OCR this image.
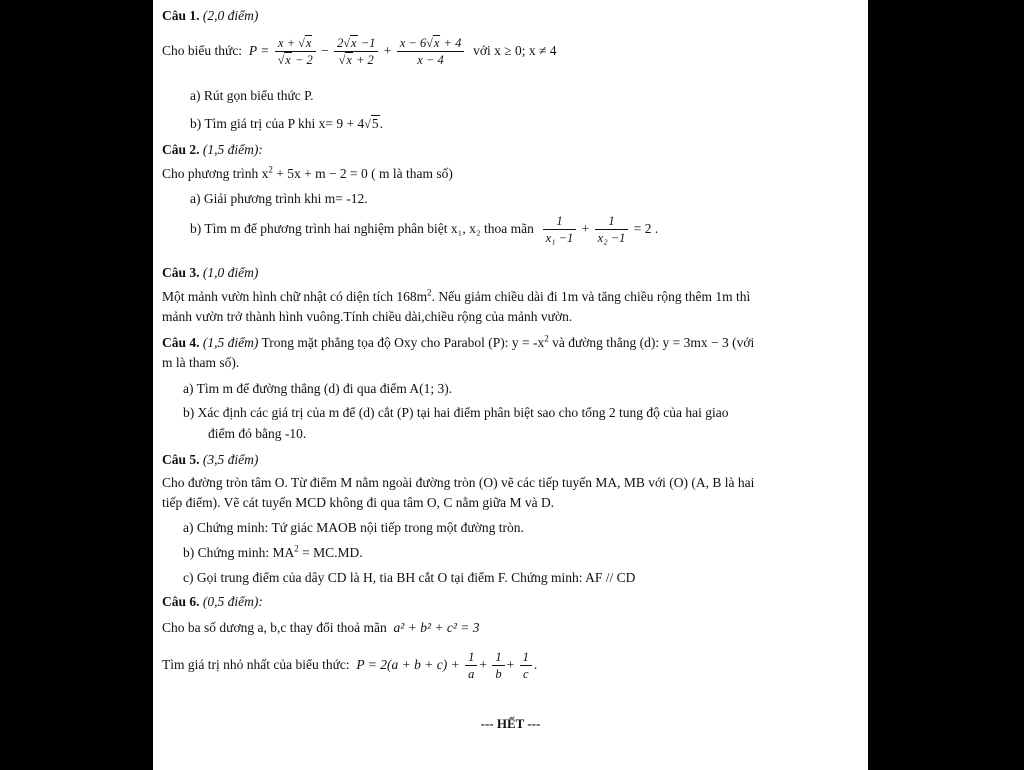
Câu 1. (2,0 điểm)
Cho biểu thức: $P = \frac{x + √x}{√x - 2} - \frac{2√x -1}{√x + 2} + \frac{x - 6√x + 4}{x - 4}$ với x ≥ 0; x ≠ 4
a) Rút gọn biểu thức P.
b) Tìm giá trị của P khi x= 9 + 4√5.
Câu 2. (1,5 điểm):
Cho phương trình $x^2 + 5x + m - 2 = 0$ ( m là tham số)
a) Giải phương trình khi m= -12.
b) Tìm m để phương trình hai nghiệm phân biệt x₁, x₂ thoa mãn $\frac{1}{\text{x₁ −1}} + \frac{1}{\text{x₂ −1}} = 2$ .
Câu 3. (1,0 điểm)
Một mảnh vườn hình chữ nhật có diện tích $168m^2$. Nếu giảm chiều dài đi 1m và tăng chiều rộng thêm 1m thì
mảnh vườn trở thành hình vuông.Tính chiều dài,chiều rộng của mảnh vườn.
Câu 4. (1,5 điểm) Trong mặt phẳng tọa độ Oxy cho Parabol (P): $y = -x^2$ và đường thẳng (d): y = 3mx − 3 (với
m là tham số).
a) Tìm m để đường thẳng (d) đi qua điểm A(1; 3).
b) Xác định các giá trị của m để (d) cắt (P) tại hai điểm phân biệt sao cho tổng 2 tung độ của hai giao
điểm đó bằng -10.
Câu 5. (3,5 điểm)
Cho đường tròn tâm O. Từ điểm M nằm ngoài đường tròn (O) vẽ các tiếp tuyến MA, MB với (O) (A, B là hai
tiếp điểm). Vẽ cát tuyến MCD không đi qua tâm O, C nằm giữa M và D.
a) Chứng minh: Tứ giác MAOB nội tiếp trong một đường tròn.
b) Chứng minh: $MA^2 = MC.MD$.
c) Gọi trung điểm của dây CD là H, tia BH cắt O tại điểm F. Chứng minh: AF // CD
Câu 6. (0,5 điểm):
Cho ba số dương a, b,c thay đổi thoả mãn a² + b² + c² = 3
Tìm giá trị nhỏ nhất của biểu thức: $P = 2(a + b + c) + \frac{1}{a} + \frac{1}{b} + \frac{1}{c}$ .
--- HẾT ---
